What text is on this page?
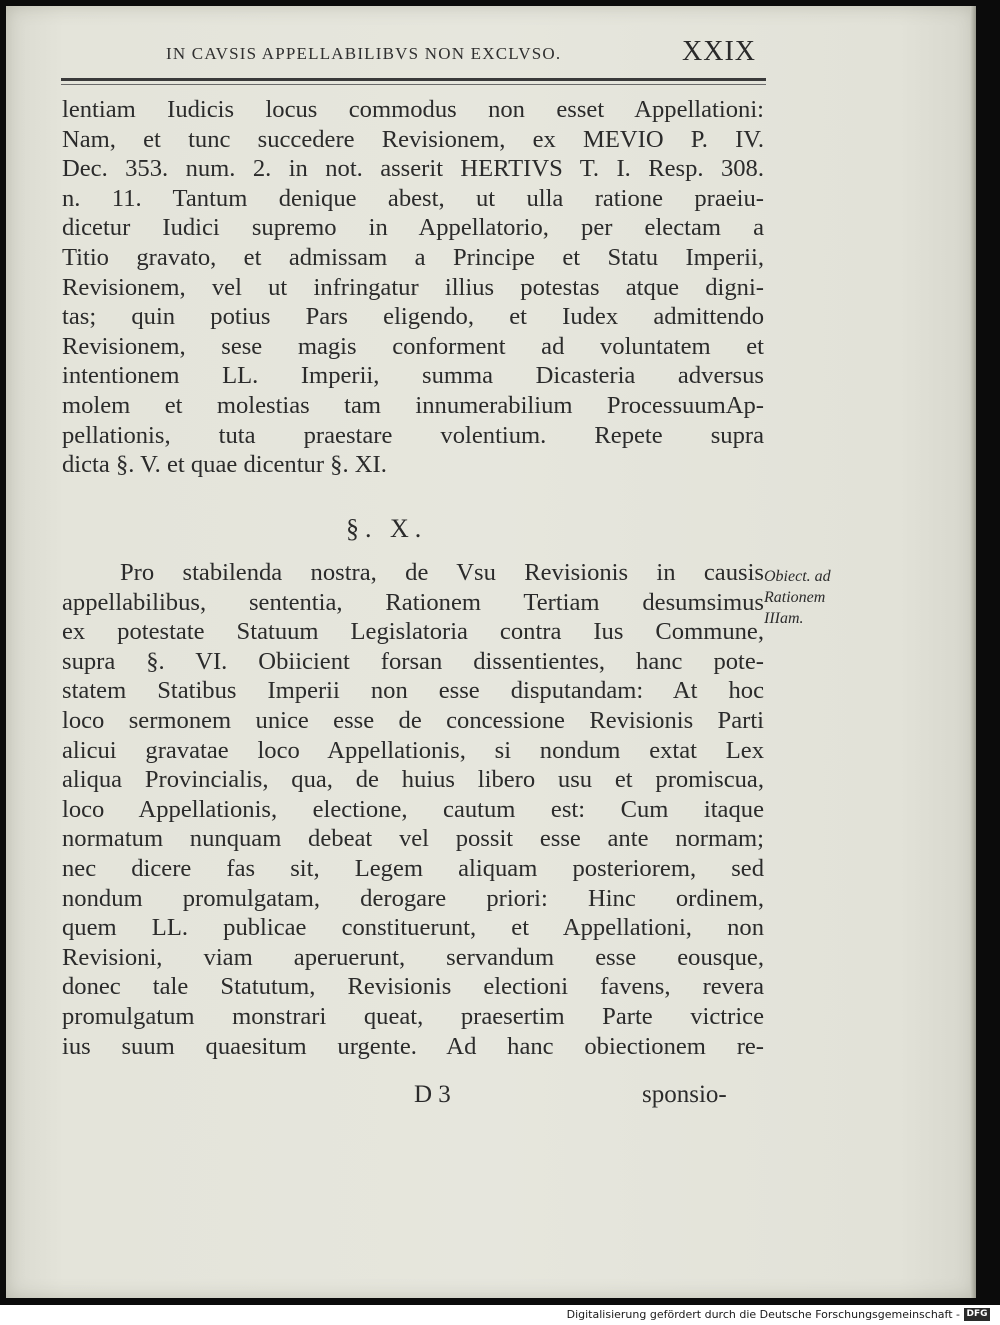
IN CAVSIS APPELLABILIBVS NON EXCLVSO.	XXIX
lentiam Iudicis locus commodus non esset Appellationi:
Nam, et tunc succedere Revisionem, ex MEVIO P. IV.
Dec. 353. num. 2. in not. asserit HERTIVS T. I. Resp. 308.
n. 11. Tantum denique abest, ut ulla ratione praeiu-
dicetur Iudici supremo in Appellatorio, per electam a
Titio gravato, et admissam a Principe et Statu Imperii,
Revisionem, vel ut infringatur illius potestas atque digni-
tas; quin potius Pars eligendo, et Iudex admittendo
Revisionem, sese magis conforment ad voluntatem et
intentionem LL. Imperii, summa Dicasteria adversus
molem et molestias tam innumerabilium ProcessuumAp-
pellationis, tuta praestare volentium. Repete supra
dicta §. V. et quae dicentur §. XI.
§. X.
Pro stabilenda nostra, de Vsu Revisionis in causis
appellabilibus, sententia, Rationem Tertiam desumsimus
ex potestate Statuum Legislatoria contra Ius Commune,
supra §. VI. Obiicient forsan dissentientes, hanc pote-
statem Statibus Imperii non esse disputandam: At hoc
loco sermonem unice esse de concessione Revisionis Parti
alicui gravatae loco Appellationis, si nondum extat Lex
aliqua Provincialis, qua, de huius libero usu et promiscua,
loco Appellationis, electione, cautum est: Cum itaque
normatum nunquam debeat vel possit esse ante normam;
nec dicere fas sit, Legem aliquam posteriorem, sed
nondum promulgatam, derogare priori: Hinc ordinem,
quem LL. publicae constituerunt, et Appellationi, non
Revisioni, viam aperuerunt, servandum esse eousque,
donec tale Statutum, Revisionis electioni favens, revera
promulgatum monstrari queat, praesertim Parte victrice
ius suum quaesitum urgente. Ad hanc obiectionem re-
Obiect. ad
Rationem
IIIam.
D 3	sponsio-
Digitalisierung gefördert durch die Deutsche Forschungsgemeinschaft - DFG
